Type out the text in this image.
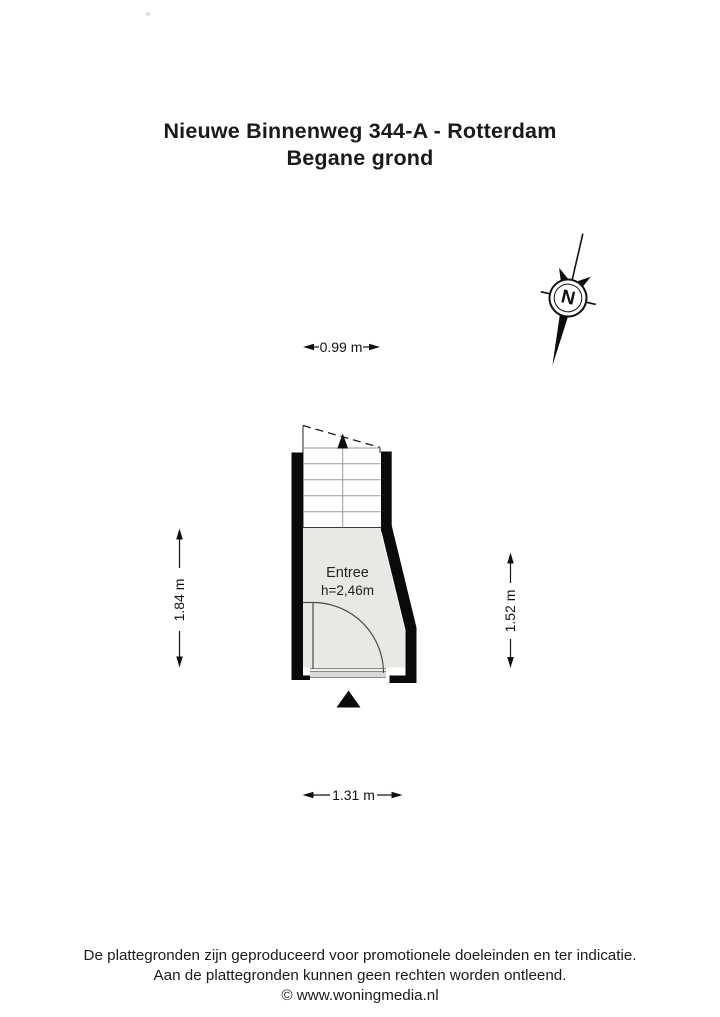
Nieuwe Binnenweg 344-A - Rotterdam
Begane grond
N
Entree
h=2,46m
0.99 m
1.84 m	1.52 m
1.31 m
De plattegronden zijn geproduceerd voor promotionele doeleinden en ter indicatie.
Aan de plattegronden kunnen geen rechten worden ontleend.
© www.woningmedia.nl
